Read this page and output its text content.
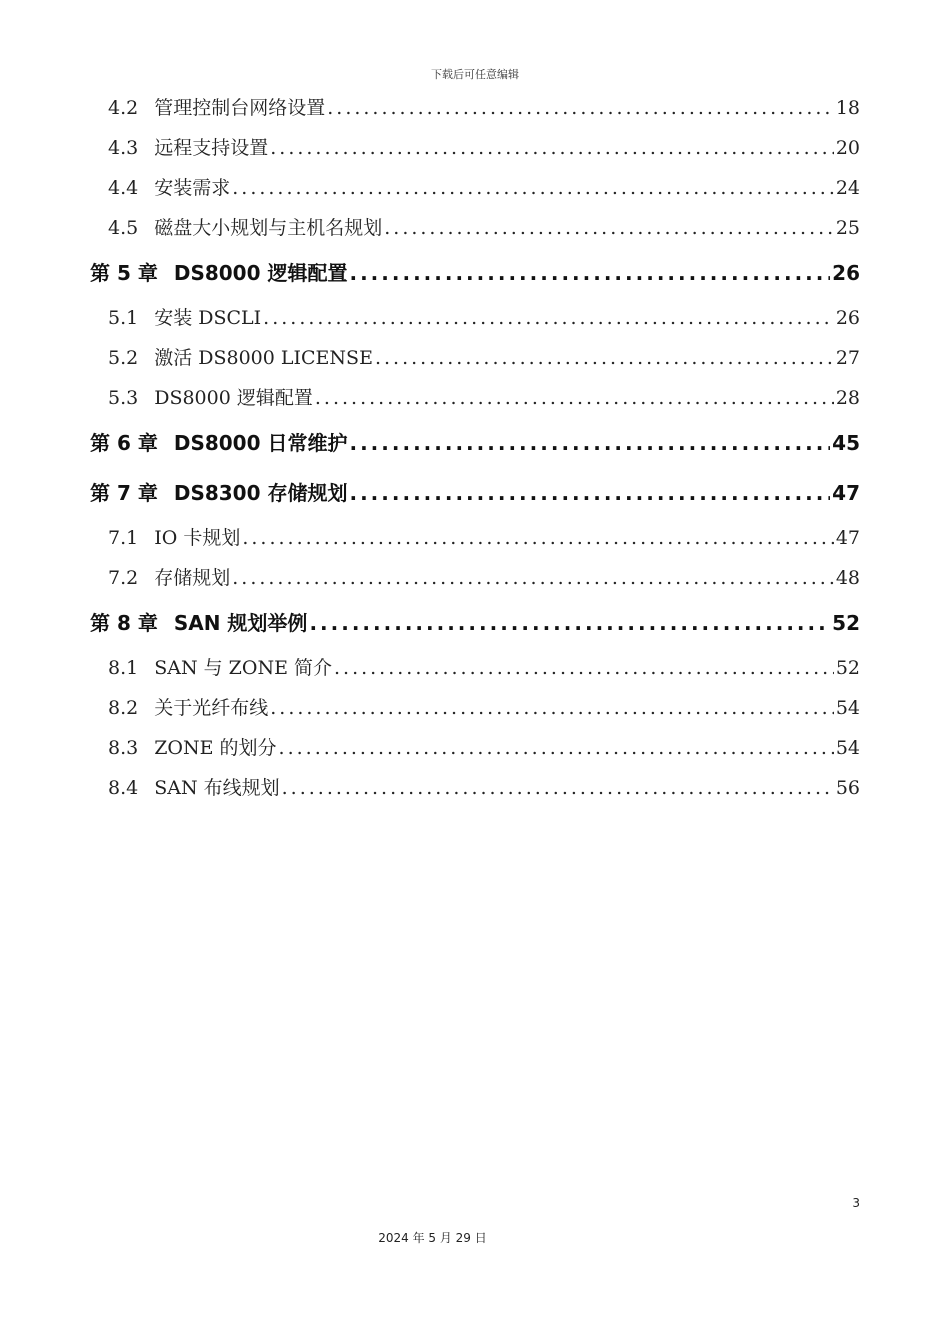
下载后可任意编辑
4.2 管理控制台网络设置 .....	18
4.3 远程支持设置 .....	20
4.4 安装需求 .....	24
4.5 磁盘大小规划与主机名规划 .....	25
第 5 章 DS8000 逻辑配置 .....	26
5.1 安装 DSCLI .....	26
5.2 激活 DS8000 LICENSE .....	27
5.3 DS8000 逻辑配置 .....	28
第 6 章 DS8000 日常维护 .....	45
第 7 章 DS8300 存储规划 .....	47
7.1 IO 卡规划 .....	47
7.2 存储规划 .....	48
第 8 章 SAN 规划举例 .....	52
8.1 SAN 与 ZONE 简介 .....	52
8.2 关于光纤布线 .....	54
8.3 ZONE 的划分 .....	54
8.4 SAN 布线规划 .....	56
3
2024 年 5 月 29 日
